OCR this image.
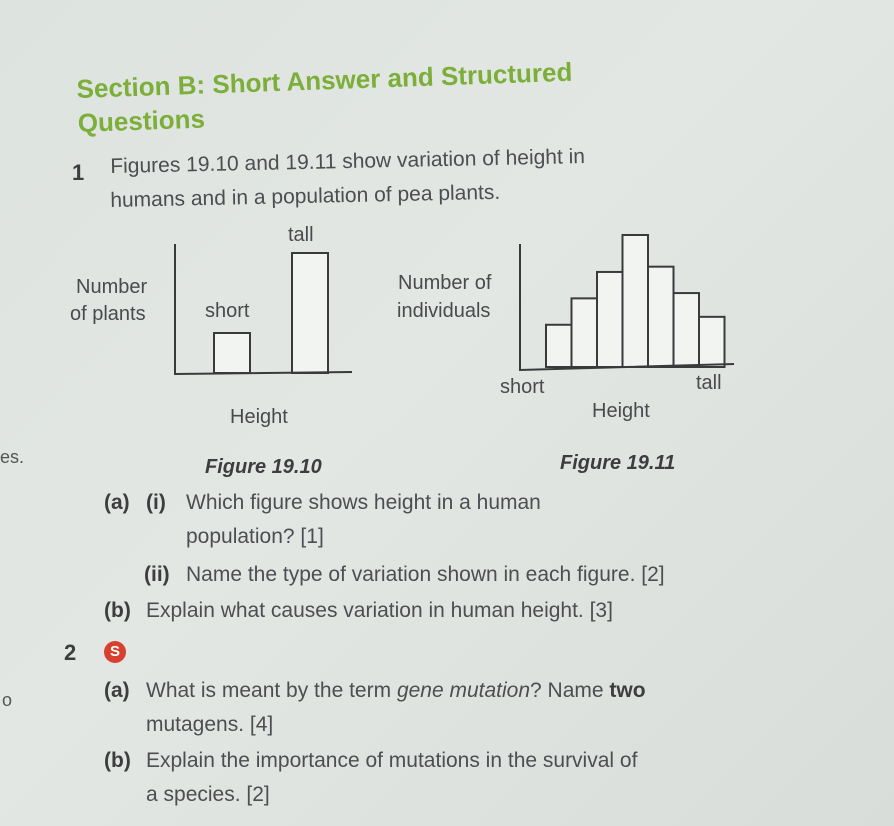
es.
o
Section B: Short Answer and Structured Questions
1 Figures 19.10 and 19.11 show variation of height in
humans and in a population of pea plants.
Number
of plants	short
tall
Height
Figure 19.10
Number of
individuals
short	tall
Height
Figure 19.11
(a) (i) Which figure shows height in a human
population? [1]
(ii) Name the type of variation shown in each figure. [2]
(b) Explain what causes variation in human height. [3]
2	S
(a) What is meant by the term gene mutation? Name two
mutagens. [4]
(b) Explain the importance of mutations in the survival of
a species. [2]
